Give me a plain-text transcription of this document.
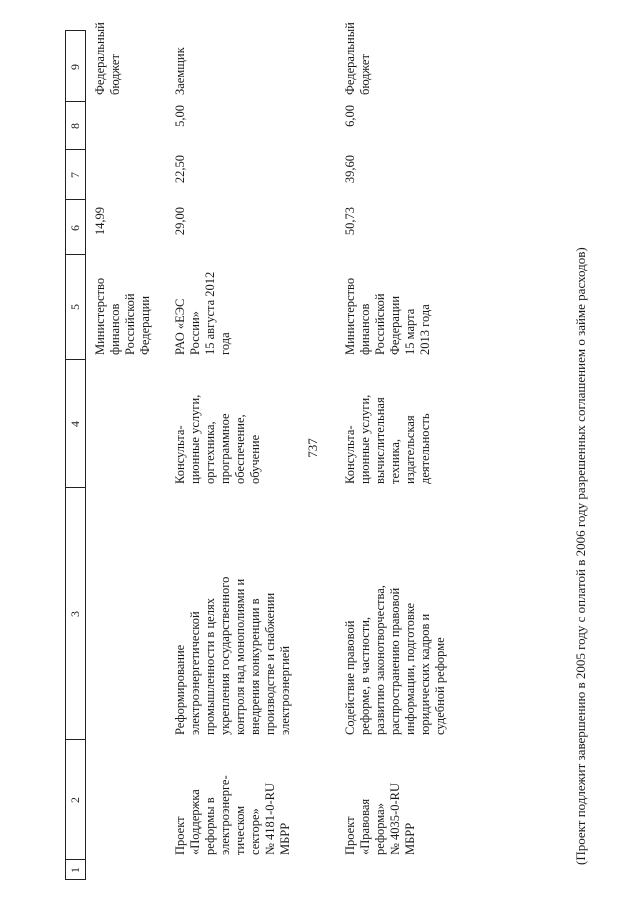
737
1
2
3
4
5
6
7
8
9
Министерство
финансов
Российской
Федерации
14,99
Федеральный
бюджет
Проект
«Поддержка
реформы в
электроэнерге-
тическом
секторе»
№ 4181-0-RU
МБРР
Реформирование
электроэнергетической
промышленности в целях
укрепления государственного
контроля над монополиями и
внедрения конкуренции в
производстве и снабжении
электроэнергией
Консульта-
ционные услуги,
оргтехника,
программное
обеспечение,
обучение
РАО «ЕЭС
России»
15 августа 2012
года
29,00
22,50
5,00
Заемщик
Проект
«Правовая
реформа»
№ 4035-0-RU
МБРР
Содействие правовой
реформе, в частности,
развитию законотворчества,
распространению правовой
информации, подготовке
юридических кадров и
судебной реформе
Консульта-
ционные услуги,
вычислительная
техника,
издательская
деятельность
Министерство
финансов
Российской
Федерации
15 марта
2013 года
50,73
39,60
6,00
Федеральный
бюджет
(Проект подлежит завершению в 2005 году с оплатой в 2006 году разрешенных соглашением о займе расходов)
